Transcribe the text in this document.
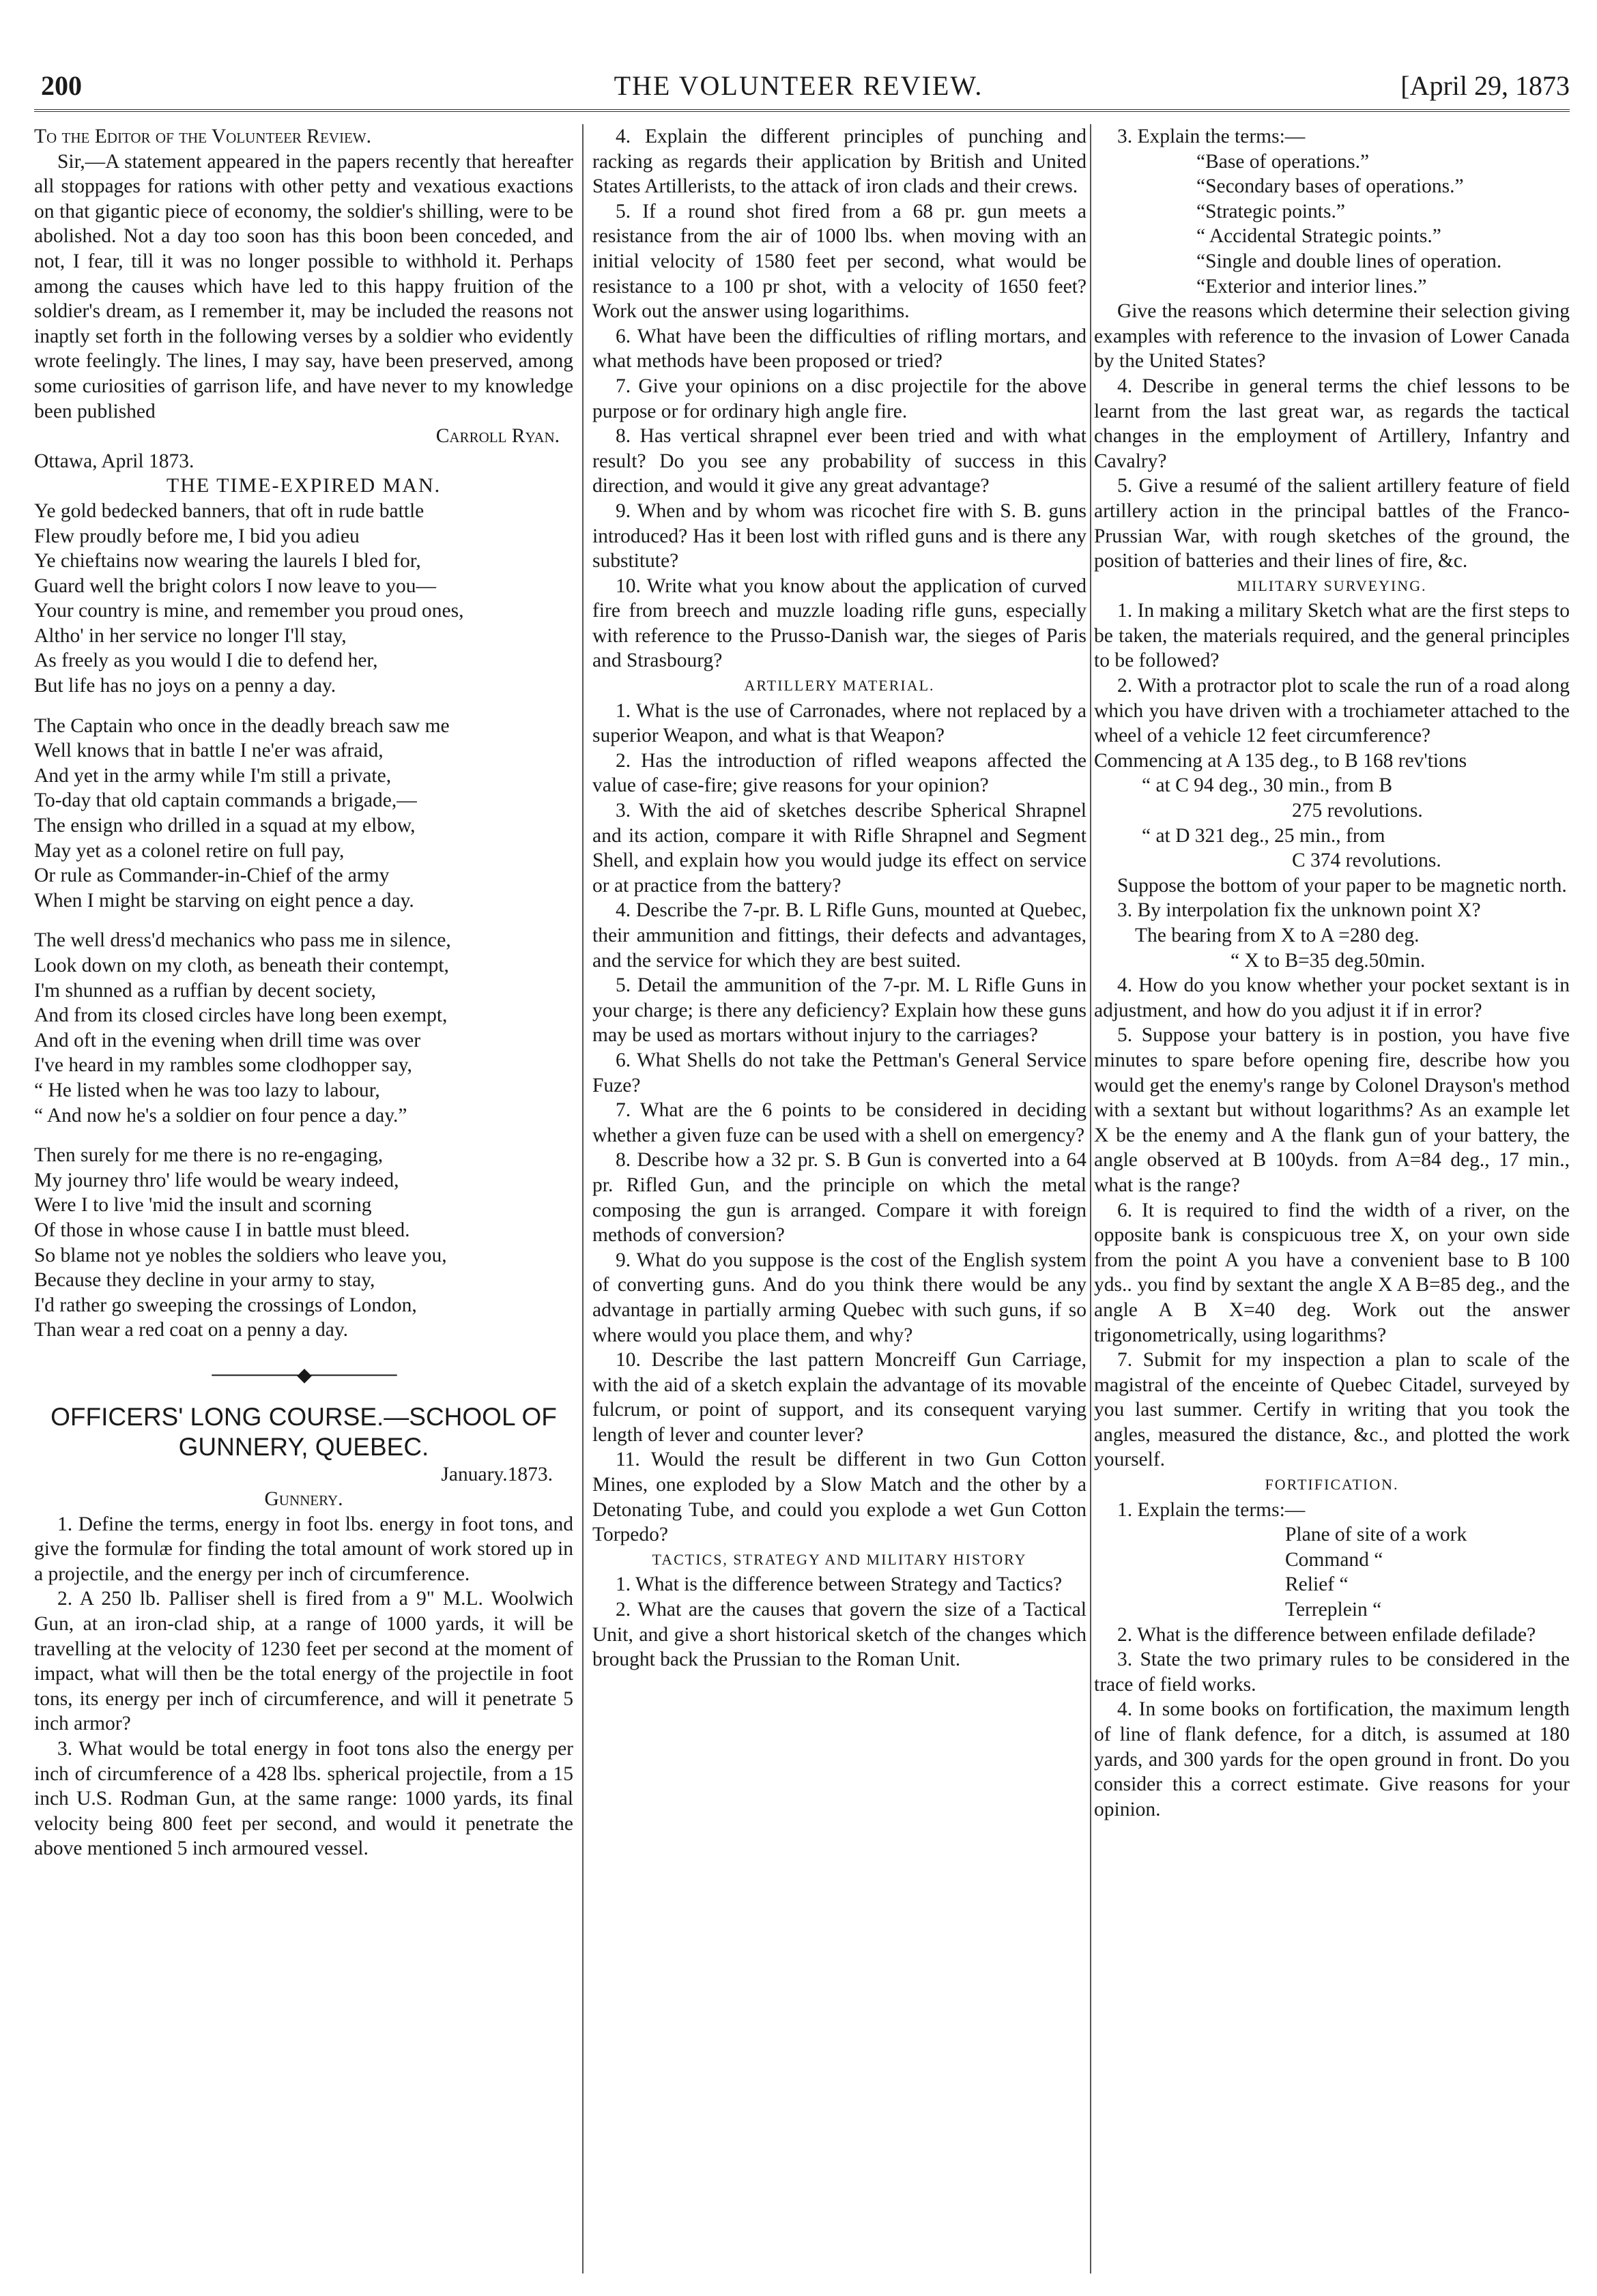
200	THE VOLUNTEER REVIEW.	[April 29, 1873

To the Editor of the Volunteer Review.

Sir,—A statement appeared in the papers recently that hereafter all stoppages for rations with other petty and vexatious exactions on that gigantic piece of economy, the soldier's shilling, were to be abolished. Not a day too soon has this boon been conceded, and not, I fear, till it was no longer possible to withhold it. Perhaps among the causes which have led to this happy fruition of the soldier's dream, as I remember it, may be included the reasons not inaptly set forth in the following verses by a soldier who evidently wrote feelingly. The lines, I may say, have been preserved, among some curiosities of garrison life, and have never to my knowledge been published

Carroll Ryan.

Ottawa, April 1873.

THE TIME-EXPIRED MAN.

Ye gold bedecked banners, that oft in rude battle

Flew proudly before me, I bid you adieu

Ye chieftains now wearing the laurels I bled for,

Guard well the bright colors I now leave to you—

Your country is mine, and remember you proud ones,

Altho' in her service no longer I'll stay,

As freely as you would I die to defend her,

But life has no joys on a penny a day.

The Captain who once in the deadly breach saw me

Well knows that in battle I ne'er was afraid,

And yet in the army while I'm still a private,

To-day that old captain commands a brigade,—

The ensign who drilled in a squad at my elbow,

May yet as a colonel retire on full pay,

Or rule as Commander-in-Chief of the army

When I might be starving on eight pence a day.

The well dress'd mechanics who pass me in silence,

Look down on my cloth, as beneath their contempt,

I'm shunned as a ruffian by decent society,

And from its closed circles have long been exempt,

And oft in the evening when drill time was over

I've heard in my rambles some clodhopper say,

“ He listed when he was too lazy to labour,

“ And now he's a soldier on four pence a day.”

Then surely for me there is no re-engaging,

My journey thro' life would be weary indeed,

Were I to live 'mid the insult and scorning

Of those in whose cause I in battle must bleed.

So blame not ye nobles the soldiers who leave you,

Because they decline in your army to stay,

I'd rather go sweeping the crossings of London,

Than wear a red coat on a penny a day.

───────◆───────

OFFICERS' LONG COURSE.—SCHOOL OF GUNNERY, QUEBEC.

January.1873.

Gunnery.

1. Define the terms, energy in foot lbs. energy in foot tons, and give the formulæ for finding the total amount of work stored up in a projectile, and the energy per inch of circumference.

2. A 250 lb. Palliser shell is fired from a 9" M.L. Woolwich Gun, at an iron-clad ship, at a range of 1000 yards, it will be travelling at the velocity of 1230 feet per second at the moment of impact, what will then be the total energy of the projectile in foot tons, its energy per inch of circumference, and will it penetrate 5 inch armor?

3. What would be total energy in foot tons also the energy per inch of circumference of a 428 lbs. spherical projectile, from a 15 inch U.S. Rodman Gun, at the same range: 1000 yards, its final velocity being 800 feet per second, and would it penetrate the above mentioned 5 inch armoured vessel.

4. Explain the different principles of punching and racking as regards their application by British and United States Artillerists, to the attack of iron clads and their crews.

5. If a round shot fired from a 68 pr. gun meets a resistance from the air of 1000 lbs. when moving with an initial velocity of 1580 feet per second, what would be resistance to a 100 pr shot, with a velocity of 1650 feet? Work out the answer using logarithims.

6. What have been the difficulties of rifling mortars, and what methods have been proposed or tried?

7. Give your opinions on a disc projectile for the above purpose or for ordinary high angle fire.

8. Has vertical shrapnel ever been tried and with what result? Do you see any probability of success in this direction, and would it give any great advantage?

9. When and by whom was ricochet fire with S. B. guns introduced? Has it been lost with rifled guns and is there any substitute?

10. Write what you know about the application of curved fire from breech and muzzle loading rifle guns, especially with reference to the Prusso-Danish war, the sieges of Paris and Strasbourg?

ARTILLERY MATERIAL.

1. What is the use of Carronades, where not replaced by a superior Weapon, and what is that Weapon?

2. Has the introduction of rifled weapons affected the value of case-fire; give reasons for your opinion?

3. With the aid of sketches describe Spherical Shrapnel and its action, compare it with Rifle Shrapnel and Segment Shell, and explain how you would judge its effect on service or at practice from the battery?

4. Describe the 7-pr. B. L Rifle Guns, mounted at Quebec, their ammunition and fittings, their defects and advantages, and the service for which they are best suited.

5. Detail the ammunition of the 7-pr. M. L Rifle Guns in your charge; is there any deficiency? Explain how these guns may be used as mortars without injury to the carriages?

6. What Shells do not take the Pettman's General Service Fuze?

7. What are the 6 points to be considered in deciding whether a given fuze can be used with a shell on emergency?

8. Describe how a 32 pr. S. B Gun is converted into a 64 pr. Rifled Gun, and the principle on which the metal composing the gun is arranged. Compare it with foreign methods of conversion?

9. What do you suppose is the cost of the English system of converting guns. And do you think there would be any advantage in partially arming Quebec with such guns, if so where would you place them, and why?

10. Describe the last pattern Moncreiff Gun Carriage, with the aid of a sketch explain the advantage of its movable fulcrum, or point of support, and its consequent varying length of lever and counter lever?

11. Would the result be different in two Gun Cotton Mines, one exploded by a Slow Match and the other by a Detonating Tube, and could you explode a wet Gun Cotton Torpedo?

TACTICS, STRATEGY AND MILITARY HISTORY

1. What is the difference between Strategy and Tactics?

2. What are the causes that govern the size of a Tactical Unit, and give a short historical sketch of the changes which brought back the Prussian to the Roman Unit.

3. Explain the terms:—

“Base of operations.”

“Secondary bases of operations.”

“Strategic points.”

“ Accidental Strategic points.”

“Single and double lines of operation.

“Exterior and interior lines.”

Give the reasons which determine their selection giving examples with reference to the invasion of Lower Canada by the United States?

4. Describe in general terms the chief lessons to be learnt from the last great war, as regards the tactical changes in the employment of Artillery, Infantry and Cavalry?

5. Give a resumé of the salient artillery feature of field artillery action in the principal battles of the Franco-Prussian War, with rough sketches of the ground, the position of batteries and their lines of fire, &c.

MILITARY SURVEYING.

1. In making a military Sketch what are the first steps to be taken, the materials required, and the general principles to be followed?

2. With a protractor plot to scale the run of a road along which you have driven with a trochiameter attached to the wheel of a vehicle 12 feet circumference?

Commencing at A 135 deg., to B 168 rev'tions

“ at C 94 deg., 30 min., from B

275 revolutions.

“ at D 321 deg., 25 min., from

C 374 revolutions.

Suppose the bottom of your paper to be magnetic north.

3. By interpolation fix the unknown point X?

The bearing from X to A =280 deg.

“ X to B=35 deg.50min.

4. How do you know whether your pocket sextant is in adjustment, and how do you adjust it if in error?

5. Suppose your battery is in postion, you have five minutes to spare before opening fire, describe how you would get the enemy's range by Colonel Drayson's method with a sextant but without logarithms? As an example let X be the enemy and A the flank gun of your battery, the angle observed at B 100yds. from A=84 deg., 17 min., what is the range?

6. It is required to find the width of a river, on the opposite bank is conspicuous tree X, on your own side from the point A you have a convenient base to B 100 yds.. you find by sextant the angle X A B=85 deg., and the angle A B X=40 deg. Work out the answer trigonometrically, using logarithms?

7. Submit for my inspection a plan to scale of the magistral of the enceinte of Quebec Citadel, surveyed by you last summer. Certify in writing that you took the angles, measured the distance, &c., and plotted the work yourself.

FORTIFICATION.

1. Explain the terms:—

Plane of site of a work

Command “

Relief “

Terreplein “

2. What is the difference between enfilade defilade?

3. State the two primary rules to be considered in the trace of field works.

4. In some books on fortification, the maximum length of line of flank defence, for a ditch, is assumed at 180 yards, and 300 yards for the open ground in front. Do you consider this a correct estimate. Give reasons for your opinion.
